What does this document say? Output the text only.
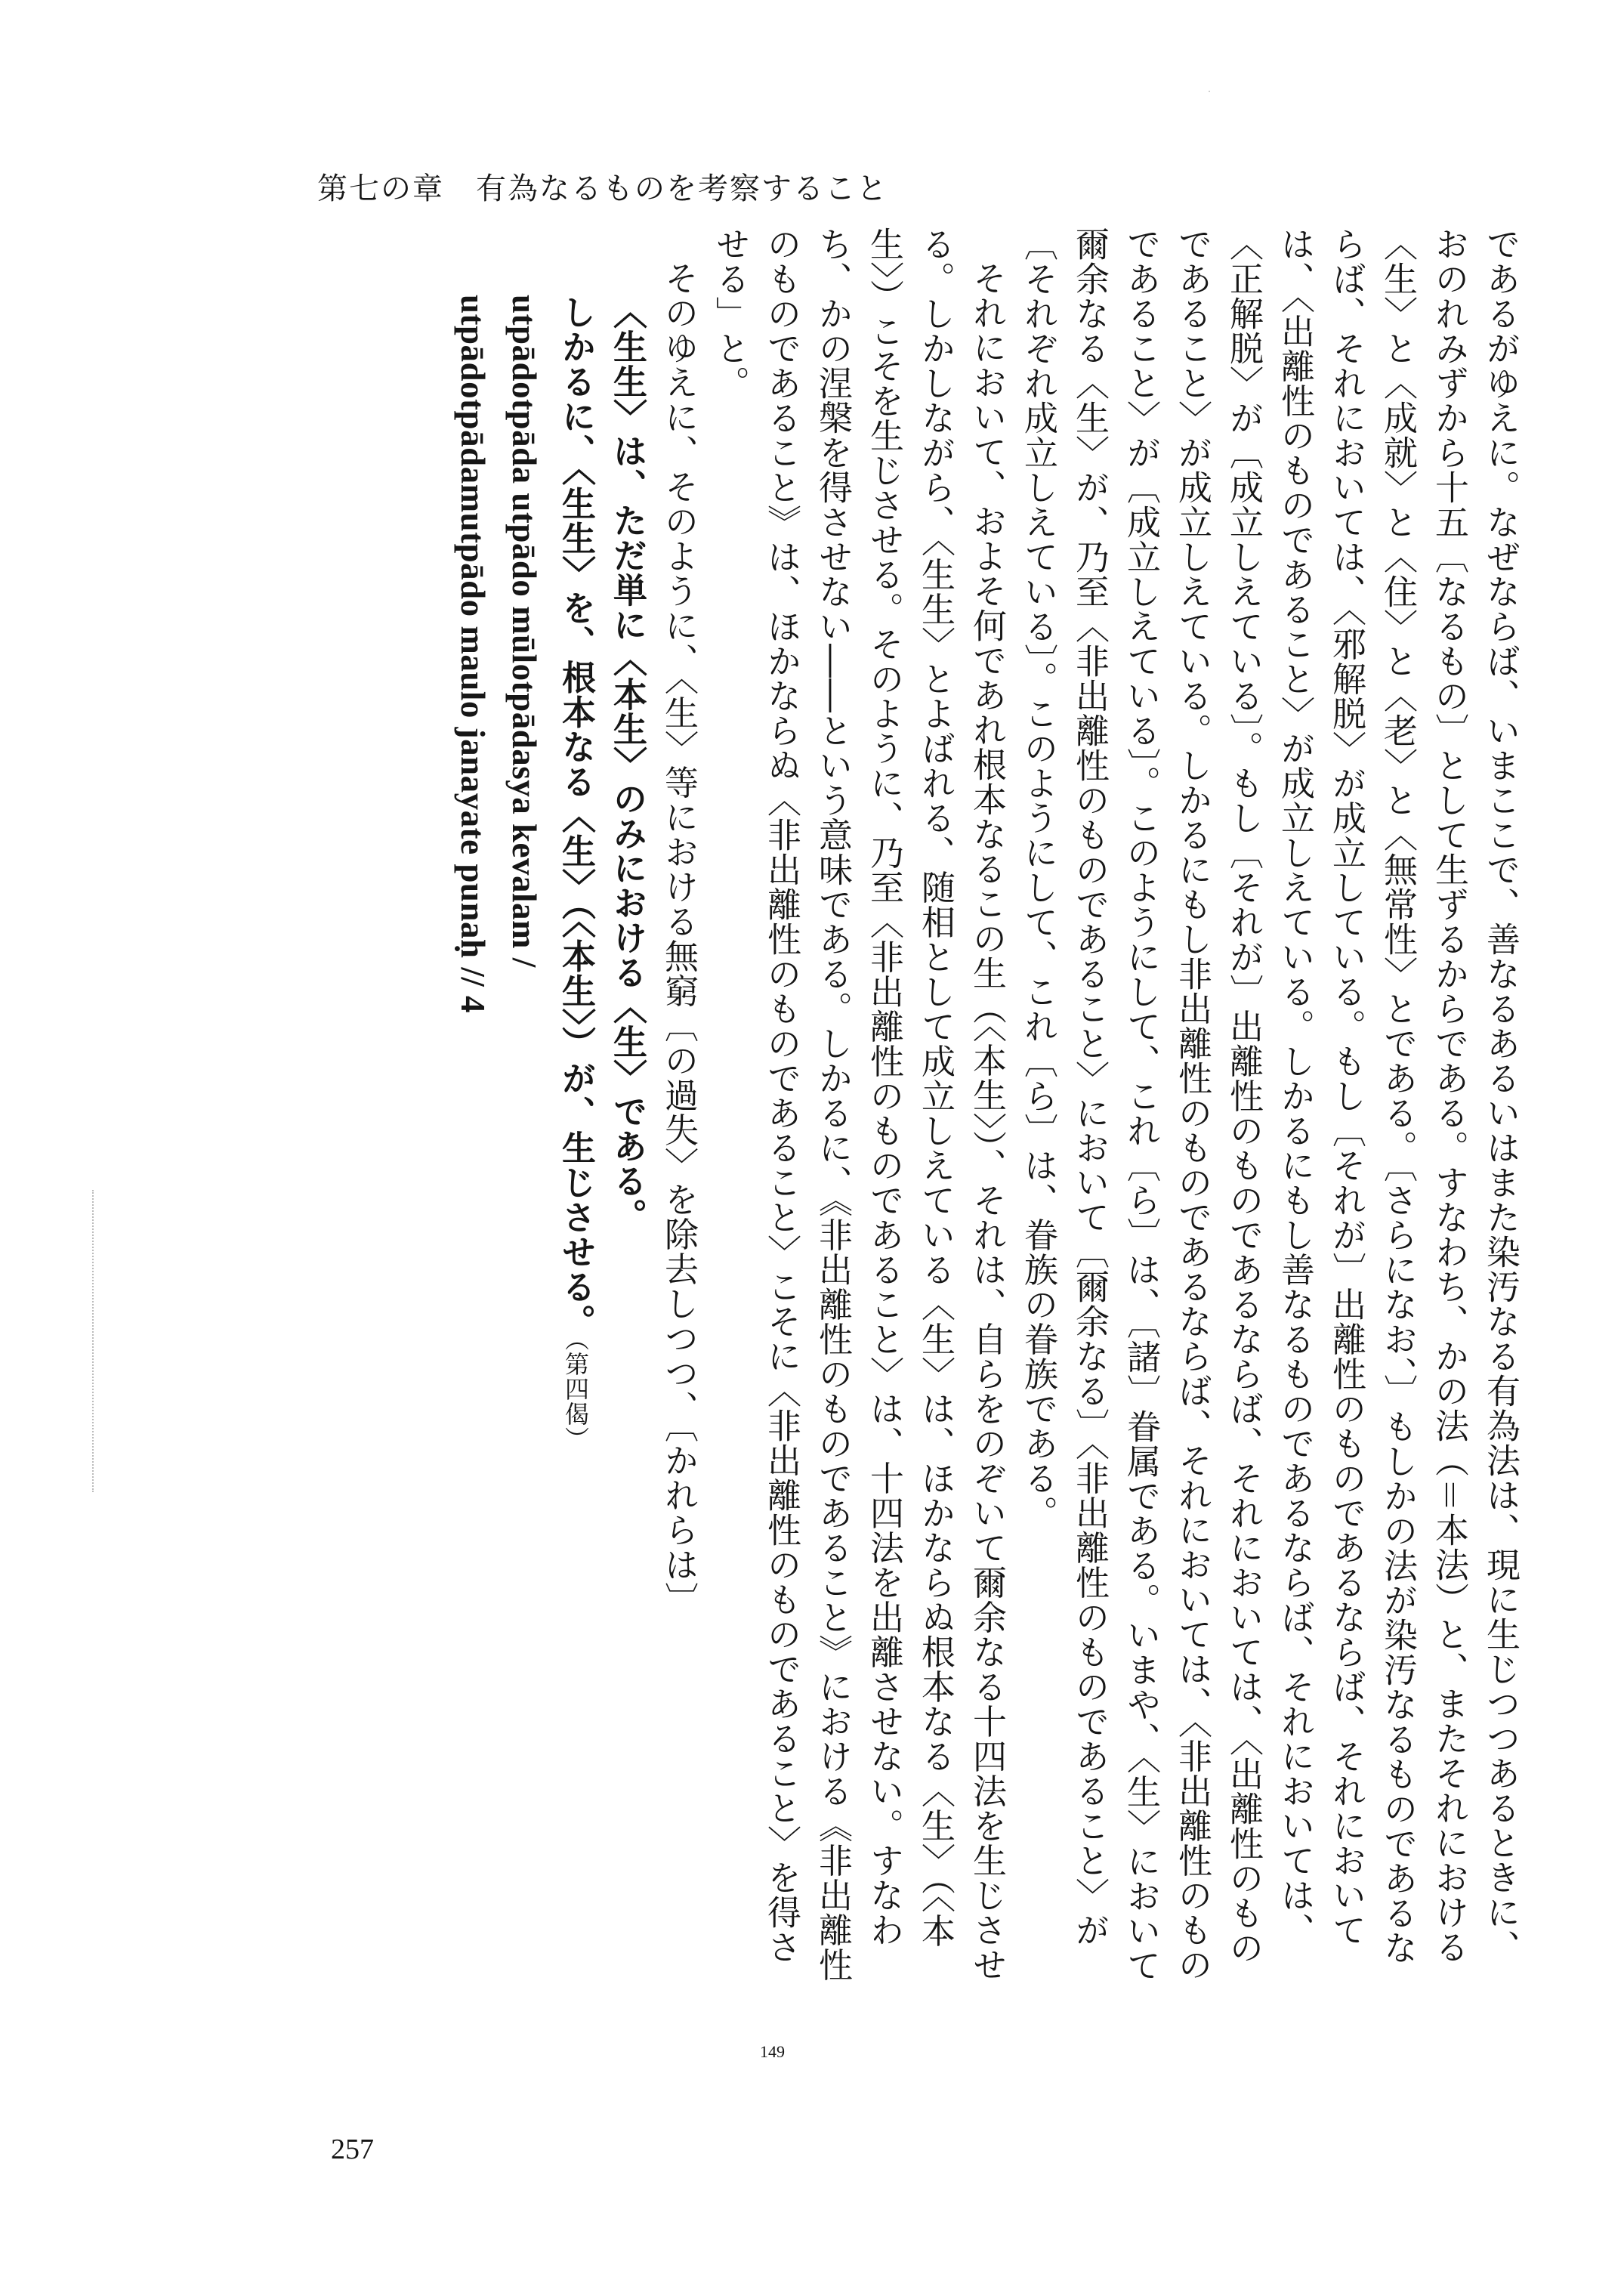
第七の章　有為なるものを考察すること

であるがゆえに。なぜならば、いまここで、善なるあるいはまた染汚なる有為法は、現に生じつつあるときに、おのれみずから十五〔なるもの〕として生ずるからである。すなわち、かの法（＝本法）と、またそれにおける〈生〉と〈成就〉と〈住〉と〈老〉と〈無常性〉とである。〔さらになお、〕もしかの法が染汚なるものであるならば、それにおいては、〈邪解脱〉が成立している。もし〔それが〕出離性のものであるならば、それにおいては、〈出離性のものであること〉が成立しえている。しかるにもし善なるものであるならば、それにおいては、〈正解脱〉が〔成立しえている〕。もし〔それが〕出離性のものであるならば、それにおいては、〈出離性のものであること〉が成立しえている。しかるにもし非出離性のものであるならば、それにおいては、〈非出離性のものであること〉が〔成立しえている〕。このようにして、これ〔ら〕は、〔諸〕眷属である。いまや、〈生〉において爾余なる〈生〉が、乃至〈非出離性のものであること〉において〔爾余なる〕〈非出離性のものであること〉が〔それぞれ成立しえている〕。このようにして、これ〔ら〕は、眷族の眷族である。

それにおいて、およそ何であれ根本なるこの生（〈本生〉）、それは、自らをのぞいて爾余なる十四法を生じさせる。しかしながら、〈生生〉とよばれる、随相として成立しえている〈生〉は、ほかならぬ根本なる〈生〉（〈本生〉）こそを生じさせる。そのように、乃至〈非出離性のものであること〉は、十四法を出離させない。すなわち、かの涅槃を得させない――という意味である。しかるに、《非出離性のものであること》における《非出離性のものであること》は、ほかならぬ〈非出離性のものであること〉こそに〈非出離性のものであること〉を得させる」と。

そのゆえに、そのように、〈生〉等における無窮〔の過失〉を除去しつつ、〔かれらは〕

〈生生〉は、ただ単に〈本生〉のみにおける〈生〉である。

しかるに、〈生生〉を、根本なる〈生〉（〈本生〉）が、生じさせる。（第四偈）

utpādotpāda utpādo mūlotpādasya kevalam /

utpādotpādamutpādo maulo janayate punaḥ // 4

149
257
